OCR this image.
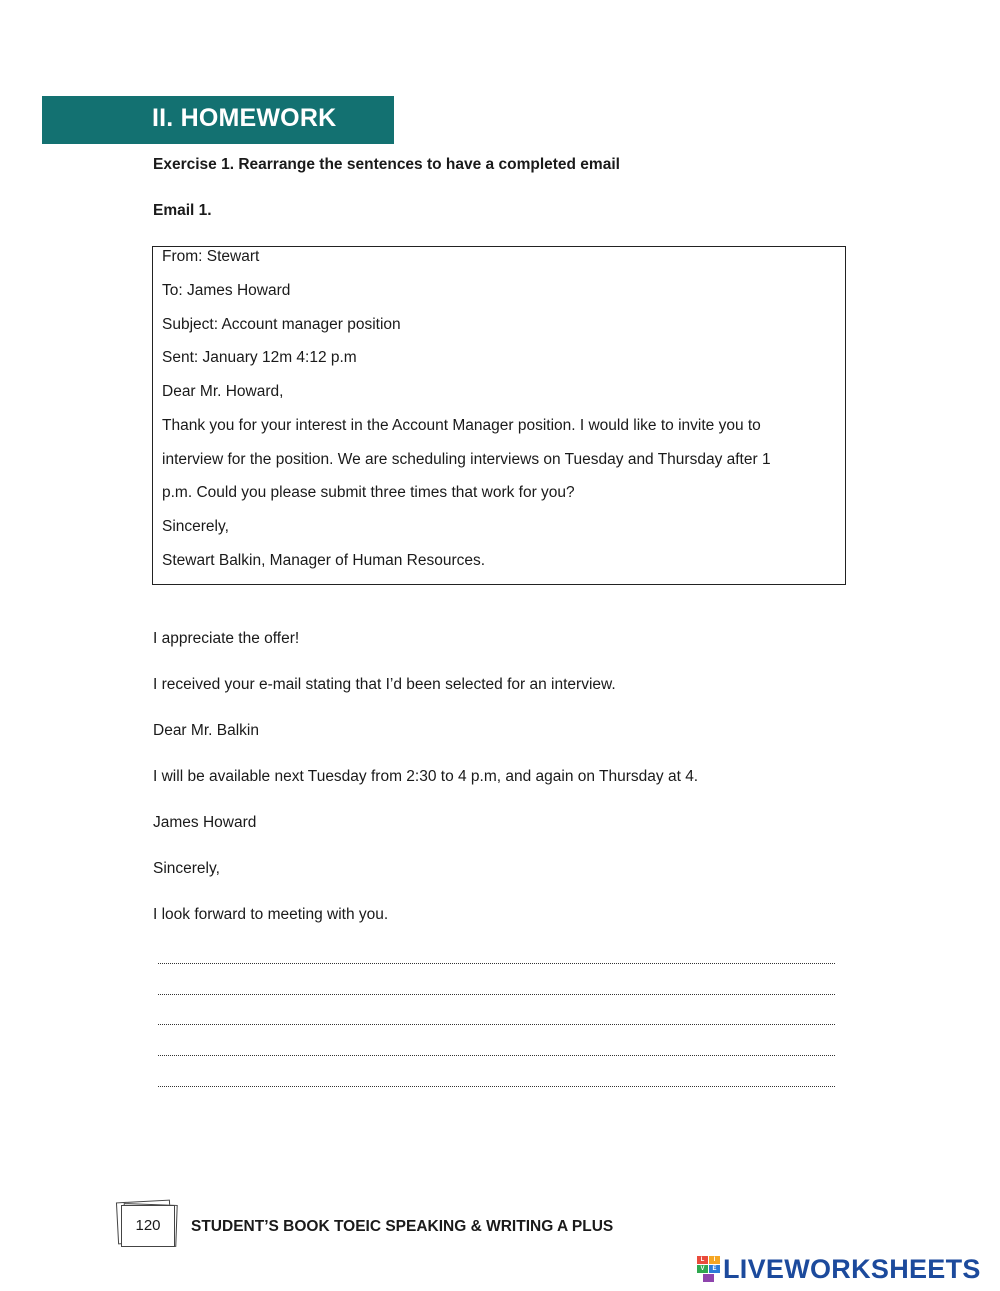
II. HOMEWORK
Exercise 1. Rearrange the sentences to have a completed email
Email 1.
From: Stewart
To: James Howard
Subject: Account manager position
Sent: January 12m 4:12 p.m
Dear Mr. Howard,
Thank you for your interest in the Account Manager position. I would like to invite you to
interview for the position. We are scheduling interviews on Tuesday and Thursday after 1
p.m. Could you please submit three times that work for you?
Sincerely,
Stewart Balkin, Manager of Human Resources.
I appreciate the offer!
I received your e-mail stating that I’d been selected for an interview.
Dear Mr. Balkin
I will be available next Tuesday from 2:30 to 4 p.m, and again on Thursday at 4.
James Howard
Sincerely,
I look forward to meeting with you.
120	STUDENT’S BOOK TOEIC SPEAKING & WRITING A PLUS
L	I
V	E LIVEWORKSHEETS
